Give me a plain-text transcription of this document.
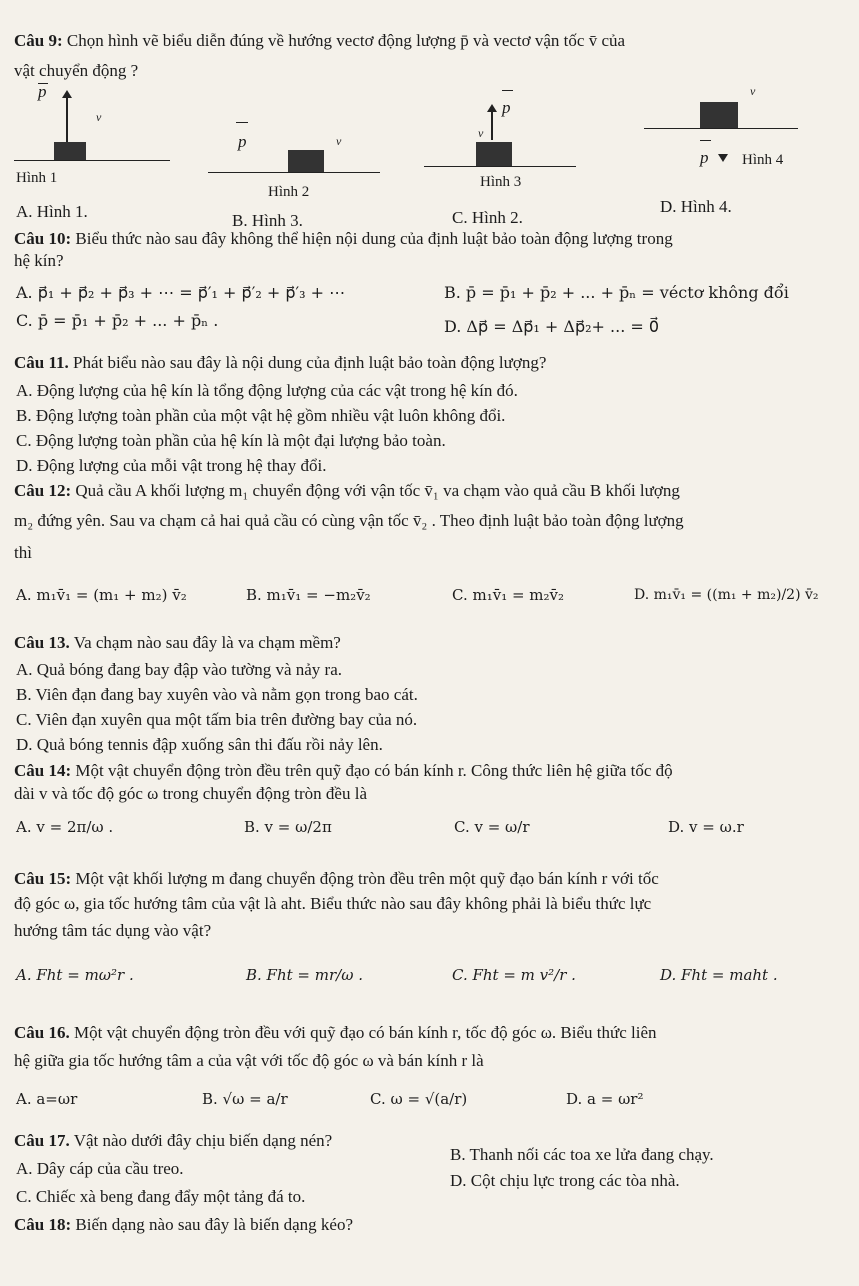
Câu 9: Chọn hình vẽ biểu diễn đúng về hướng vectơ động lượng p̄ và vectơ vận tốc v̄ của
vật chuyển động ?
p
v
Hình 1
p	v
Hình 2
p
v
Hình 3
v
p Hình 4
A. Hình 1.	B. Hình 3.	C. Hình 2.
D. Hình 4.
Câu 10: Biểu thức nào sau đây không thể hiện nội dung của định luật bảo toàn động lượng trong
hệ kín?
A. p⃗₁ + p⃗₂ + p⃗₃ + ⋯ = p⃗′₁ + p⃗′₂ + p⃗′₃ + ⋯	B. p̄ = p̄₁ + p̄₂ + ... + p̄ₙ = véctơ không đổi
C. p̄ = p̄₁ + p̄₂ + ... + p̄ₙ .	D. Δp⃗ = Δp⃗₁ + Δp⃗₂+ ... = 0⃗
Câu 11. Phát biểu nào sau đây là nội dung của định luật bảo toàn động lượng?
A. Động lượng của hệ kín là tổng động lượng của các vật trong hệ kín đó.
B. Động lượng toàn phần của một vật hệ gồm nhiều vật luôn không đổi.
C. Động lượng toàn phần của hệ kín là một đại lượng bảo toàn.
D. Động lượng của mỗi vật trong hệ thay đổi.
Câu 12: Quả cầu A khối lượng m₁ chuyển động với vận tốc v̄₁ va chạm vào quả cầu B khối lượng
m₂ đứng yên. Sau va chạm cả hai quả cầu có cùng vận tốc v̄₂ . Theo định luật bảo toàn động lượng
thì
A. m₁v̄₁ = (m₁ + m₂) v̄₂	B. m₁v̄₁ = −m₂v̄₂	C. m₁v̄₁ = m₂v̄₂	D. m₁v̄₁ = ((m₁ + m₂)/2) v̄₂
Câu 13. Va chạm nào sau đây là va chạm mềm?
A. Quả bóng đang bay đập vào tường và nảy ra.
B. Viên đạn đang bay xuyên vào và nằm gọn trong bao cát.
C. Viên đạn xuyên qua một tấm bia trên đường bay của nó.
D. Quả bóng tennis đập xuống sân thi đấu rồi nảy lên.
Câu 14: Một vật chuyển động tròn đều trên quỹ đạo có bán kính r. Công thức liên hệ giữa tốc độ
dài v và tốc độ góc ω trong chuyển động tròn đều là
A. v = 2π/ω .	B. v = ω/2π	C. v = ω/r	D. v = ω.r
Câu 15: Một vật khối lượng m đang chuyển động tròn đều trên một quỹ đạo bán kính r với tốc
độ góc ω, gia tốc hướng tâm của vật là aht. Biểu thức nào sau đây không phải là biểu thức lực
hướng tâm tác dụng vào vật?
A. Fht = mω²r .	B. Fht = mr/ω .	C. Fht = m v²/r .	D. Fht = maht .
Câu 16. Một vật chuyển động tròn đều với quỹ đạo có bán kính r, tốc độ góc ω. Biểu thức liên
hệ giữa gia tốc hướng tâm a của vật với tốc độ góc ω và bán kính r là
A. a=ωr	B. √ω = a/r	C. ω = √(a/r)	D. a = ωr²
Câu 17. Vật nào dưới đây chịu biến dạng nén?
A. Dây cáp của cầu treo.
B. Thanh nối các toa xe lửa đang chạy.
C. Chiếc xà beng đang đẩy một tảng đá to.
D. Cột chịu lực trong các tòa nhà.
Câu 18: Biến dạng nào sau đây là biến dạng kéo?
